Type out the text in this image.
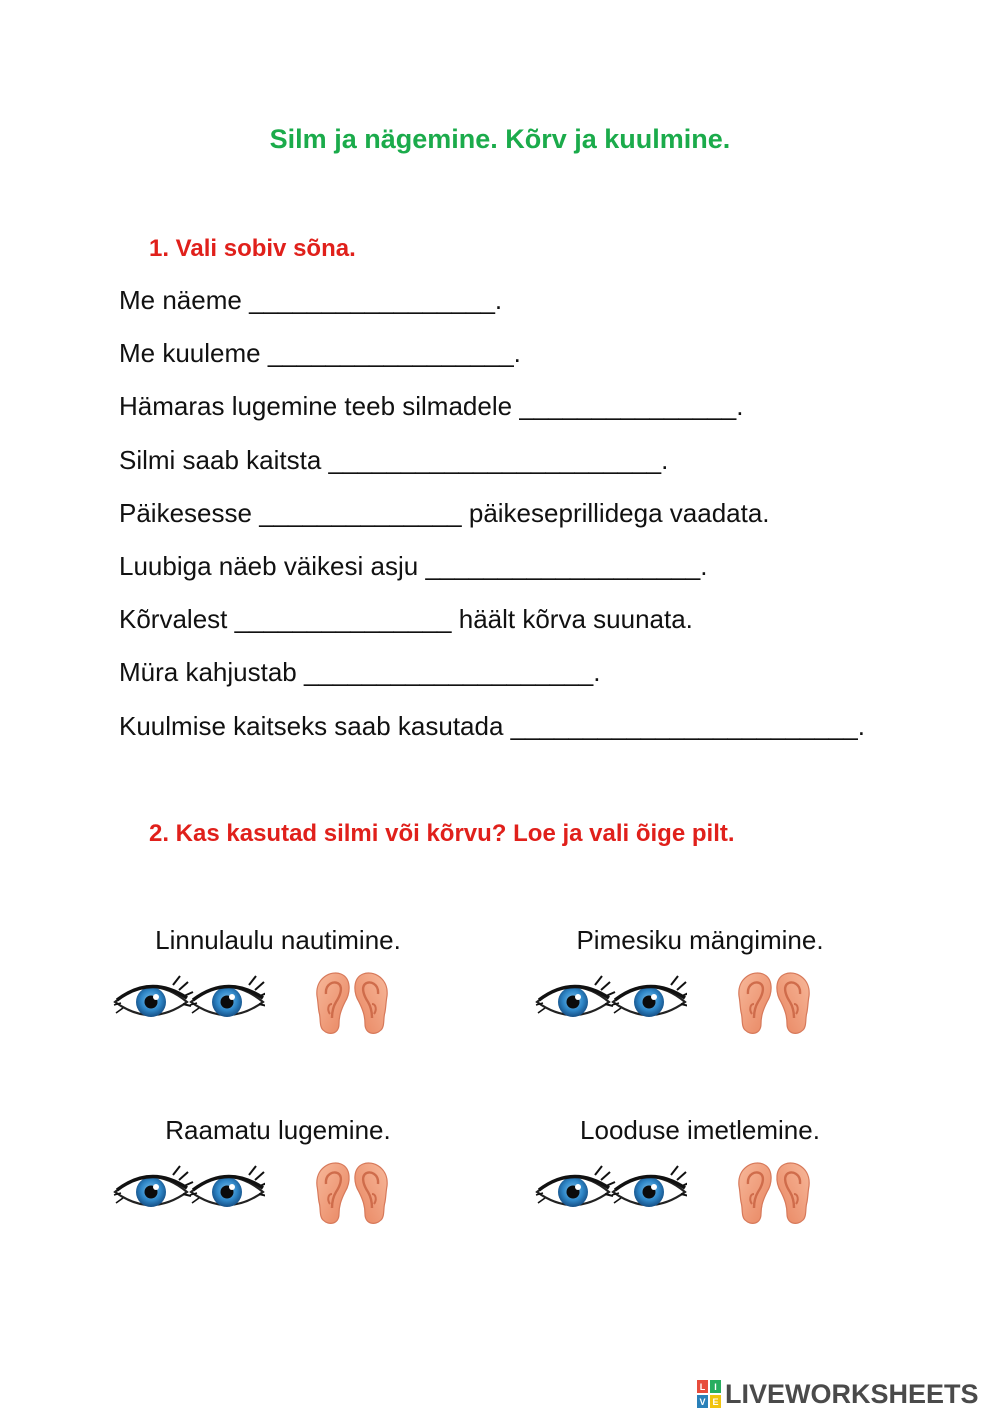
Silm ja nägemine. Kõrv ja kuulmine.
1. Vali sobiv sõna.
Me näeme _________________.
Me kuuleme _________________.
Hämaras lugemine teeb silmadele _______________.
Silmi saab kaitsta _______________________.
Päikesesse ______________ päikeseprillidega vaadata.
Luubiga näeb väikesi asju ___________________.
Kõrvalest _______________ häält kõrva suunata.
Müra kahjustab ____________________.
Kuulmise kaitseks saab kasutada ________________________.
2. Kas kasutad silmi või kõrvu? Loe ja vali õige pilt.
Linnulaulu nautimine.	Pimesiku mängimine.
Raamatu lugemine.	Looduse imetlemine.
L I
V E LIVEWORKSHEETS
